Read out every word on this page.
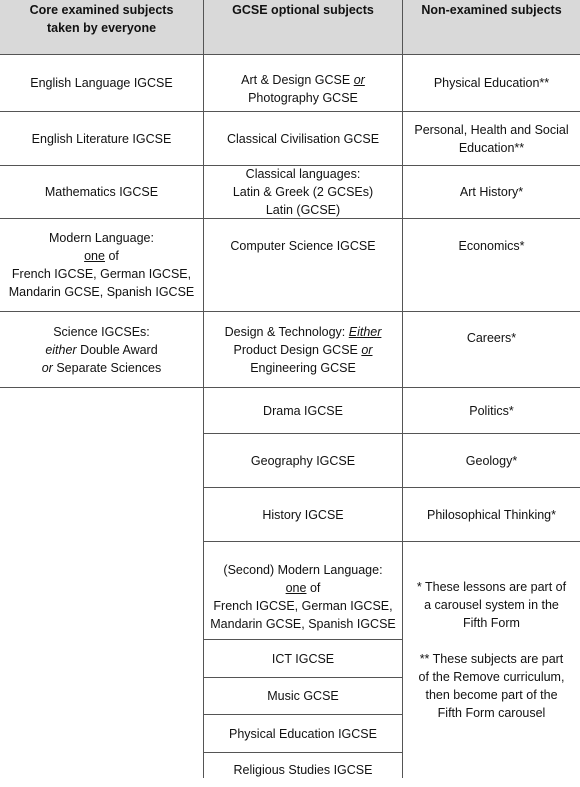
Core examined subjects
taken by everyone
GCSE optional subjects	Non-examined subjects
English Language IGCSE
English Literature IGCSE
Mathematics IGCSE
Modern Language:
one of
French IGCSE, German IGCSE,
Mandarin GCSE, Spanish IGCSE
Science IGCSEs:
either Double Award
or Separate Sciences
Art & Design GCSE or
Photography GCSE
Classical Civilisation GCSE
Classical languages:
Latin & Greek (2 GCSEs)
Latin (GCSE)
Computer Science IGCSE
Design & Technology: Either
Product Design GCSE or
Engineering GCSE
Drama IGCSE
Geography IGCSE
History IGCSE
(Second) Modern Language:
one of
French IGCSE, German IGCSE,
Mandarin GCSE, Spanish IGCSE
ICT IGCSE
Music GCSE
Physical Education IGCSE
Religious Studies IGCSE
Physical Education**
Personal, Health and Social
Education**
Art History*
Economics*
Careers*
Politics*
Geology*
Philosophical Thinking*
* These lessons are part of
a carousel system in the
Fifth Form
** These subjects are part
of the Remove curriculum,
then become part of the
Fifth Form carousel
